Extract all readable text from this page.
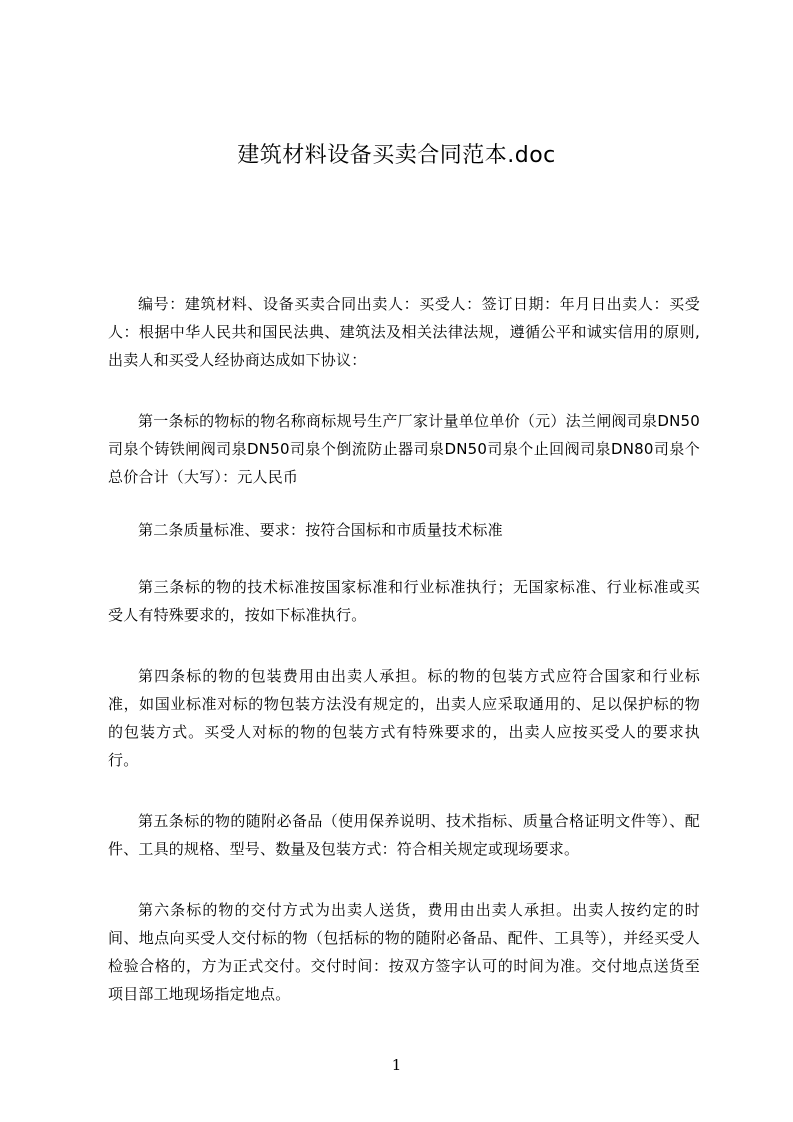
建筑材料设备买卖合同范本.doc

编号：建筑材料、设备买卖合同出卖人：买受人：签订日期：年月日出卖人：买受人：根据中华人民共和国民法典、建筑法及相关法律法规，遵循公平和诚实信用的原则,出卖人和买受人经协商达成如下协议：

第一条标的物标的物名称商标规号生产厂家计量单位单价（元）法兰闸阀司泉DN50司泉个铸铁闸阀司泉DN50司泉个倒流防止器司泉DN50司泉个止回阀司泉DN80司泉个总价合计（大写）：元人民币

第二条质量标准、要求：按符合国标和市质量技术标准

第三条标的物的技术标准按国家标准和行业标准执行；无国家标准、行业标准或买受人有特殊要求的，按如下标准执行。

第四条标的物的包装费用由出卖人承担。标的物的包装方式应符合国家和行业标准，如国业标准对标的物包装方法没有规定的，出卖人应采取通用的、足以保护标的物的包装方式。买受人对标的物的包装方式有特殊要求的，出卖人应按买受人的要求执行。

第五条标的物的随附必备品（使用保养说明、技术指标、质量合格证明文件等）、配件、工具的规格、型号、数量及包装方式：符合相关规定或现场要求。

第六条标的物的交付方式为出卖人送货，费用由出卖人承担。出卖人按约定的时间、地点向买受人交付标的物（包括标的物的随附必备品、配件、工具等），并经买受人检验合格的，方为正式交付。交付时间：按双方签字认可的时间为准。交付地点送货至项目部工地现场指定地点。

1
